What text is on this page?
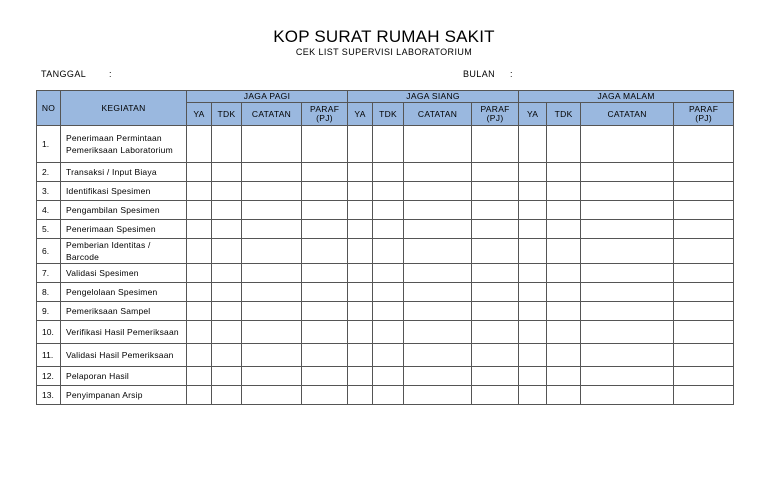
KOP SURAT RUMAH SAKIT
CEK LIST SUPERVISI LABORATORIUM
TANGGAL	:	BULAN :
NO	KEGIATAN	JAGA PAGI				JAGA SIANG				JAGA MALAM			
		YA	TDK	CATATAN	PARAF (PJ)	YA	TDK	CATATAN	PARAF (PJ)	YA	TDK	CATATAN	PARAF (PJ)
1.	Penerimaan Permintaan Pemeriksaan Laboratorium												
2.	Transaksi / Input Biaya												
3.	Identifikasi Spesimen												
4.	Pengambilan Spesimen												
5.	Penerimaan Spesimen												
6.	Pemberian Identitas / Barcode												
7.	Validasi Spesimen												
8.	Pengelolaan Spesimen												
9.	Pemeriksaan Sampel												
10.	Verifikasi Hasil Pemeriksaan												
11.	Validasi Hasil Pemeriksaan												
12.	Pelaporan Hasil												
13.	Penyimpanan Arsip												
